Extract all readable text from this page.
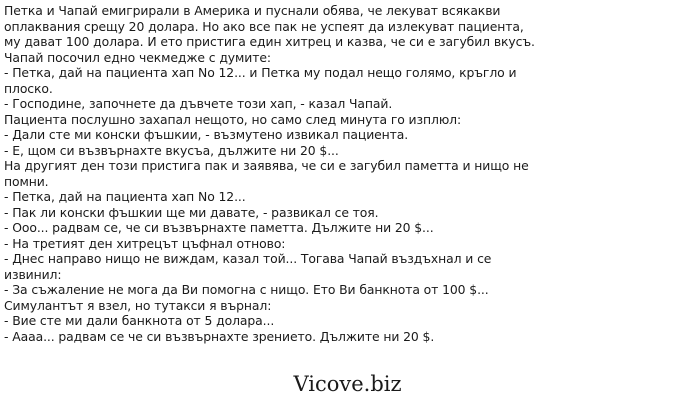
Петка и Чапай емигрирали в Америка и пуснали обява, че лекуват всякакви оплаквания срещу 20 долара. Но ако все пак не успеят да излекуват пациента, му дават 100 долара. И ето пристига един хитрец и казва, че си е загубил вкусъ. Чапай посочил едно чекмедже с думите:

- Петка, дай на пациента хап No 12... и Петка му подал нещо голямо, кръгло и плоско.

- Господине, започнете да дъвчете този хап, - казал Чапай.

Пациента послушно захапал нещото, но само след минута го изплюл:

- Дали сте ми конски фъшкии, - възмутено извикал пациента.

- Е, щом си възвърнахте вкусъа, дължите ни 20 $...

На другият ден този пристига пак и заявява, че си е загубил паметта и нищо не помни.

- Петка, дай на пациента хап No 12...

- Пак ли конски фъшкии ще ми давате, - развикал се тоя.

- Ооо... радвам се, че си възвърнахте паметта. Дължите ни 20 $...

- На третият ден хитрецът цъфнал отново:

- Днес направо нищо не виждам, казал той... Тогава Чапай въздъхнал и се извинил:

- За съжаление не мога да Ви помогна с нищо. Ето Ви банкнота от 100 $... Симулантът я взел, но тутакси я върнал:

- Вие сте ми дали банкнота от 5 долара...

- Аааа... радвам се че си възвърнахте зрението. Дължите ни 20 $.

Vicove.biz
